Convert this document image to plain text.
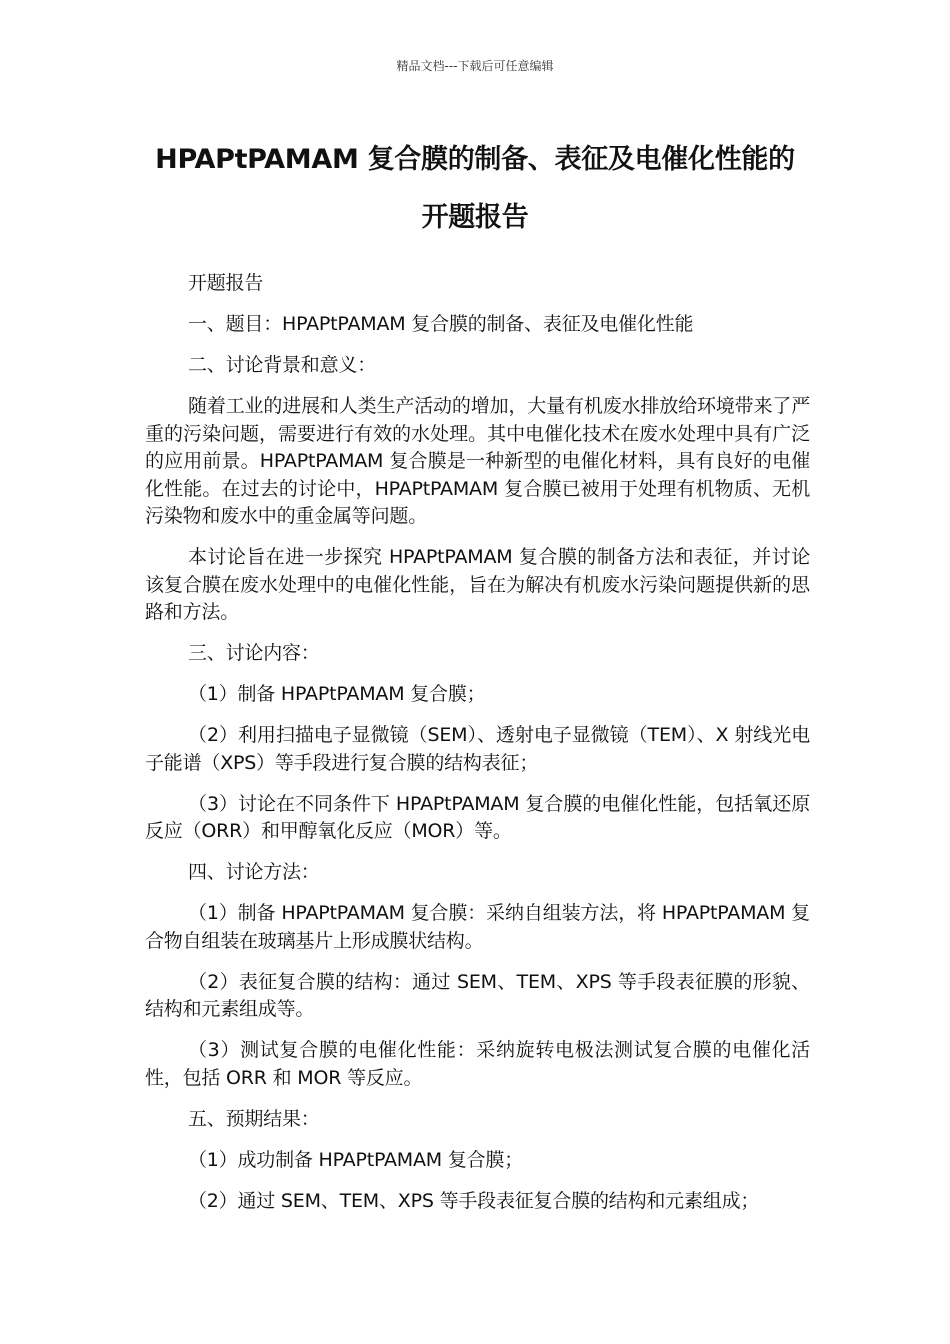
精品文档---下载后可任意编辑
HPAPtPAMAM 复合膜的制备、表征及电催化性能的
开题报告

开题报告

一、题目：HPAPtPAMAM 复合膜的制备、表征及电催化性能

二、讨论背景和意义：

随着工业的进展和人类生产活动的增加，大量有机废水排放给环境带来了严重的污染问题，需要进行有效的水处理。其中电催化技术在废水处理中具有广泛的应用前景。HPAPtPAMAM 复合膜是一种新型的电催化材料，具有良好的电催化性能。在过去的讨论中，HPAPtPAMAM 复合膜已被用于处理有机物质、无机污染物和废水中的重金属等问题。

本讨论旨在进一步探究 HPAPtPAMAM 复合膜的制备方法和表征，并讨论该复合膜在废水处理中的电催化性能，旨在为解决有机废水污染问题提供新的思路和方法。

三、讨论内容：

（1）制备 HPAPtPAMAM 复合膜；

（2）利用扫描电子显微镜（SEM）、透射电子显微镜（TEM）、X 射线光电子能谱（XPS）等手段进行复合膜的结构表征；

（3）讨论在不同条件下 HPAPtPAMAM 复合膜的电催化性能，包括氧还原反应（ORR）和甲醇氧化反应（MOR）等。

四、讨论方法：

（1）制备 HPAPtPAMAM 复合膜：采纳自组装方法，将 HPAPtPAMAM 复合物自组装在玻璃基片上形成膜状结构。

（2）表征复合膜的结构：通过 SEM、TEM、XPS 等手段表征膜的形貌、结构和元素组成等。

（3）测试复合膜的电催化性能：采纳旋转电极法测试复合膜的电催化活性，包括 ORR 和 MOR 等反应。

五、预期结果：

（1）成功制备 HPAPtPAMAM 复合膜；

（2）通过 SEM、TEM、XPS 等手段表征复合膜的结构和元素组成；
